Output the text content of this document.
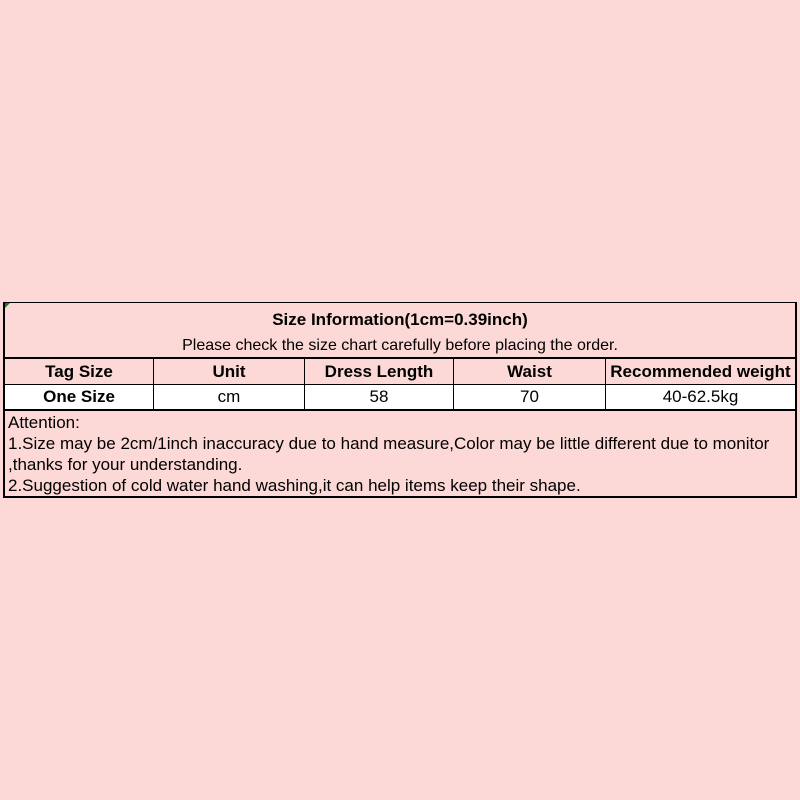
Size Information(1cm=0.39inch)
Please check the size chart carefully before placing the order.
Tag Size	Unit	Dress Length	Waist	Recommended weight
One Size	cm	58	70	40-62.5kg
Attention:
1.Size may be 2cm/1inch inaccuracy due to hand measure,Color may be little different due to monitor
,thanks for your understanding.
2.Suggestion of cold water hand washing,it can help items keep their shape.
